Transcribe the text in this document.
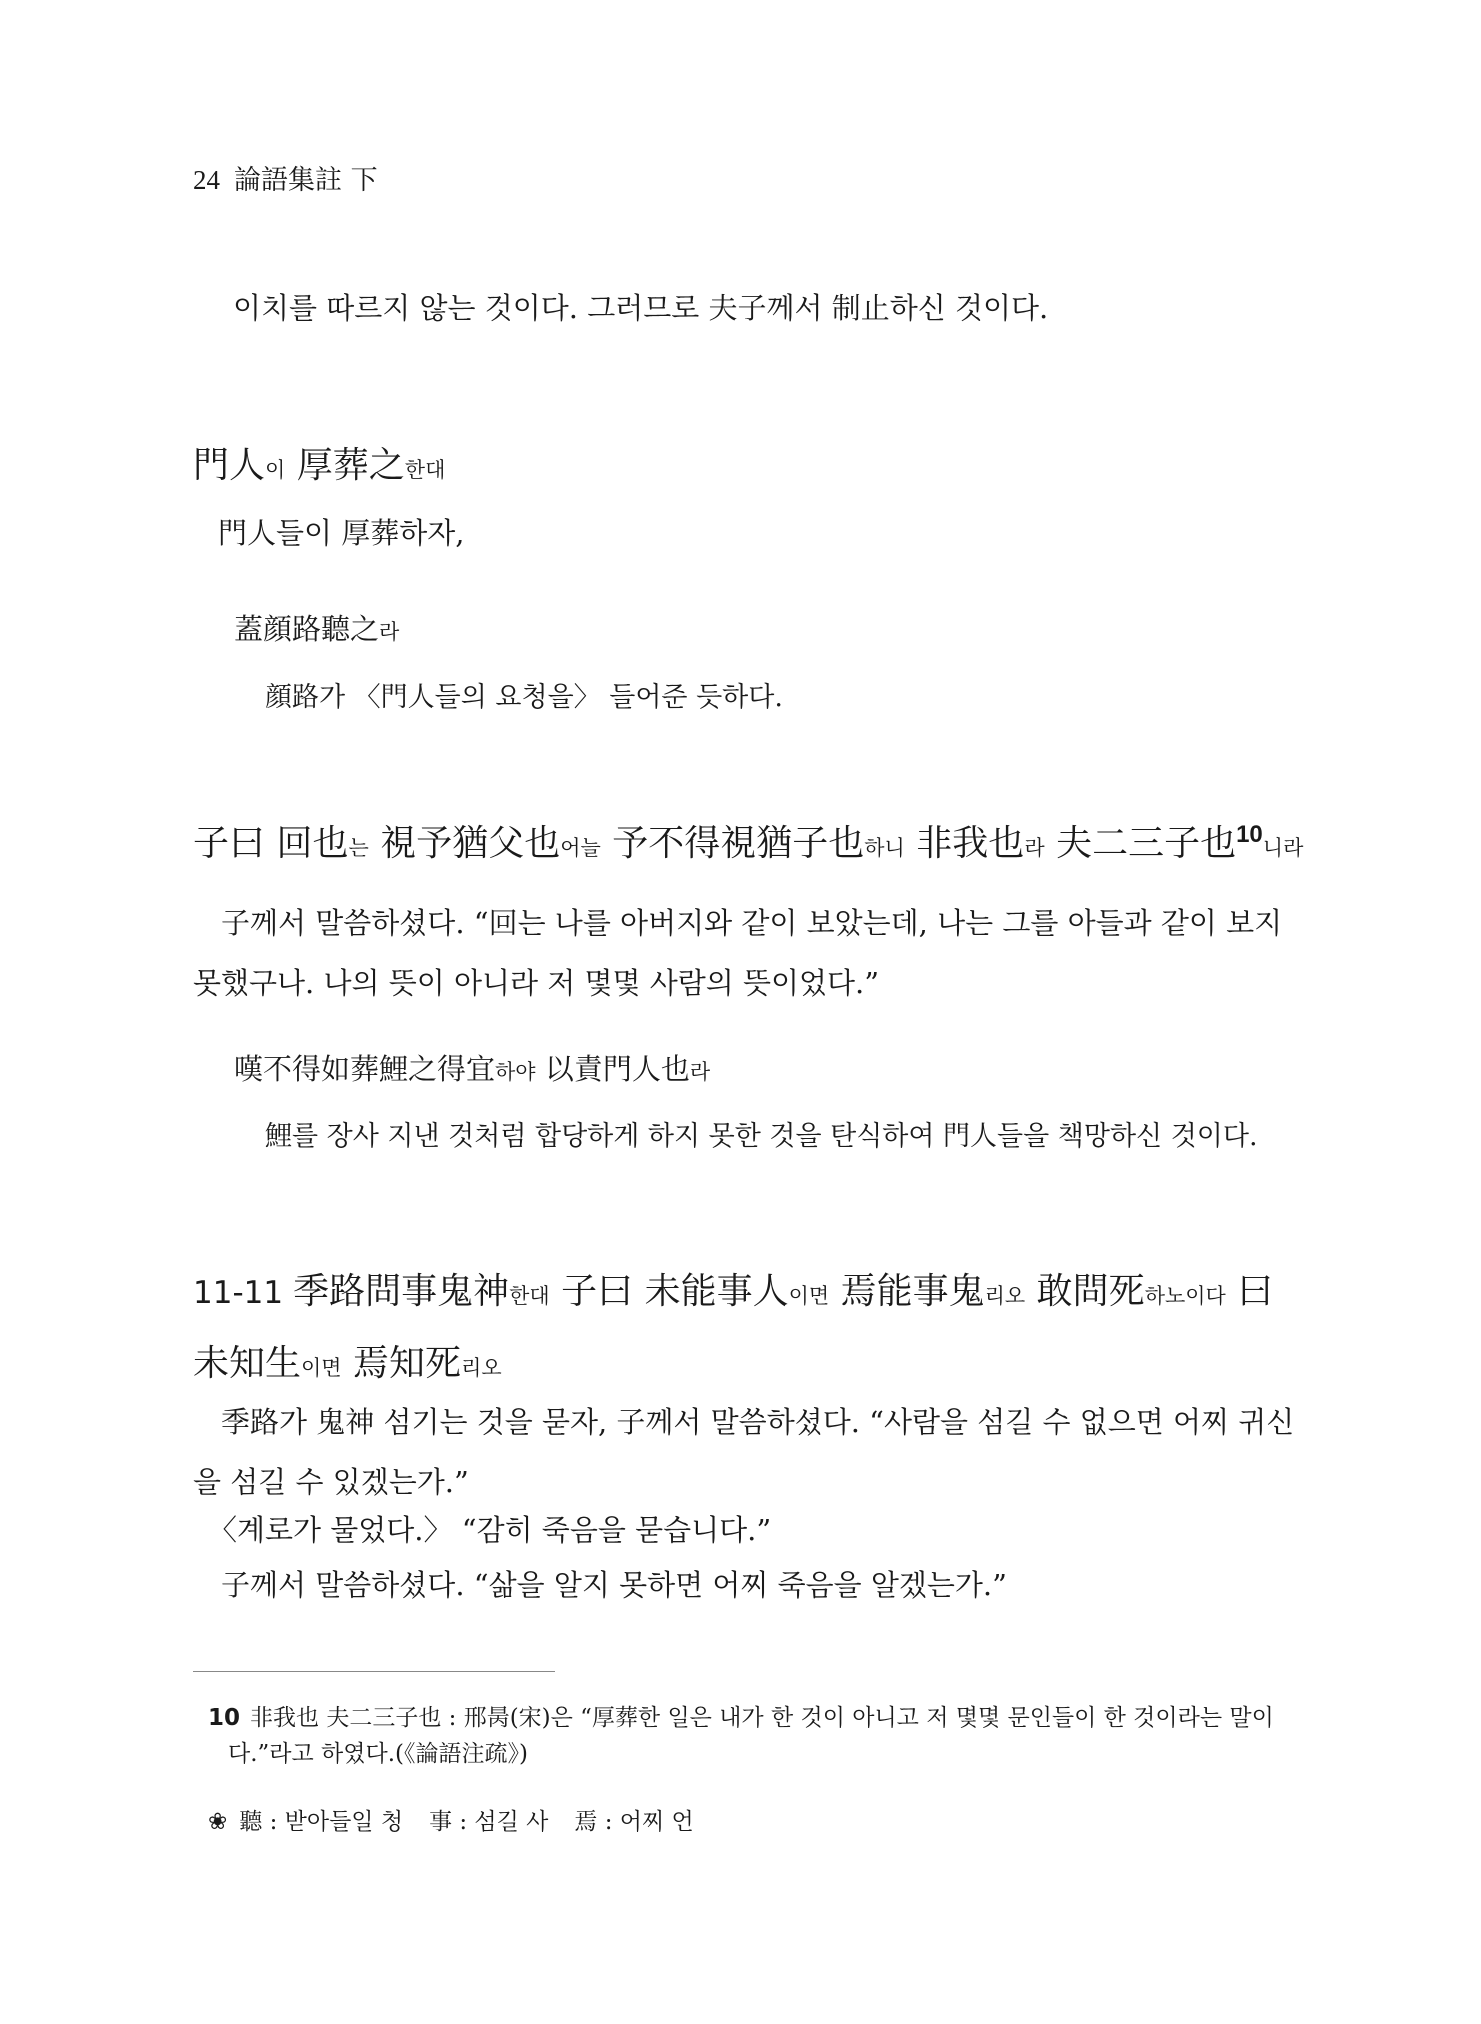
24 論語集註 下
이치를 따르지 않는 것이다. 그러므로 夫子께서 制止하신 것이다.
門人이 厚葬之한대
門人들이 厚葬하자,
蓋顔路聽之라
顔路가 〈門人들의 요청을〉 들어준 듯하다.
子曰 回也는 視予猶父也어늘 予不得視猶子也하니 非我也라 夫二三子也$^{10}$니라
子께서 말씀하셨다. “回는 나를 아버지와 같이 보았는데, 나는 그를 아들과 같이 보지 못했구나. 나의 뜻이 아니라 저 몇몇 사람의 뜻이었다.”
嘆不得如葬鯉之得宜하야 以責門人也라
鯉를 장사 지낸 것처럼 합당하게 하지 못한 것을 탄식하여 門人들을 책망하신 것이다.
11-11 季路問事鬼神한대 子曰 未能事人이면 焉能事鬼리오 敢問死하노이다 曰 未知生이면 焉知死리오
季路가 鬼神 섬기는 것을 묻자, 子께서 말씀하셨다. “사람을 섬길 수 없으면 어찌 귀신을 섬길 수 있겠는가.”
〈계로가 물었다.〉 “감히 죽음을 묻습니다.”
子께서 말씀하셨다. “삶을 알지 못하면 어찌 죽음을 알겠는가.”
10 非我也 夫二三子也 : 邢昺(宋)은 “厚葬한 일은 내가 한 것이 아니고 저 몇몇 문인들이 한 것이라는 말이다.”라고 하였다.(《論語注疏》)
❀ 聽 : 받아들일 청 事 : 섬길 사 焉 : 어찌 언
